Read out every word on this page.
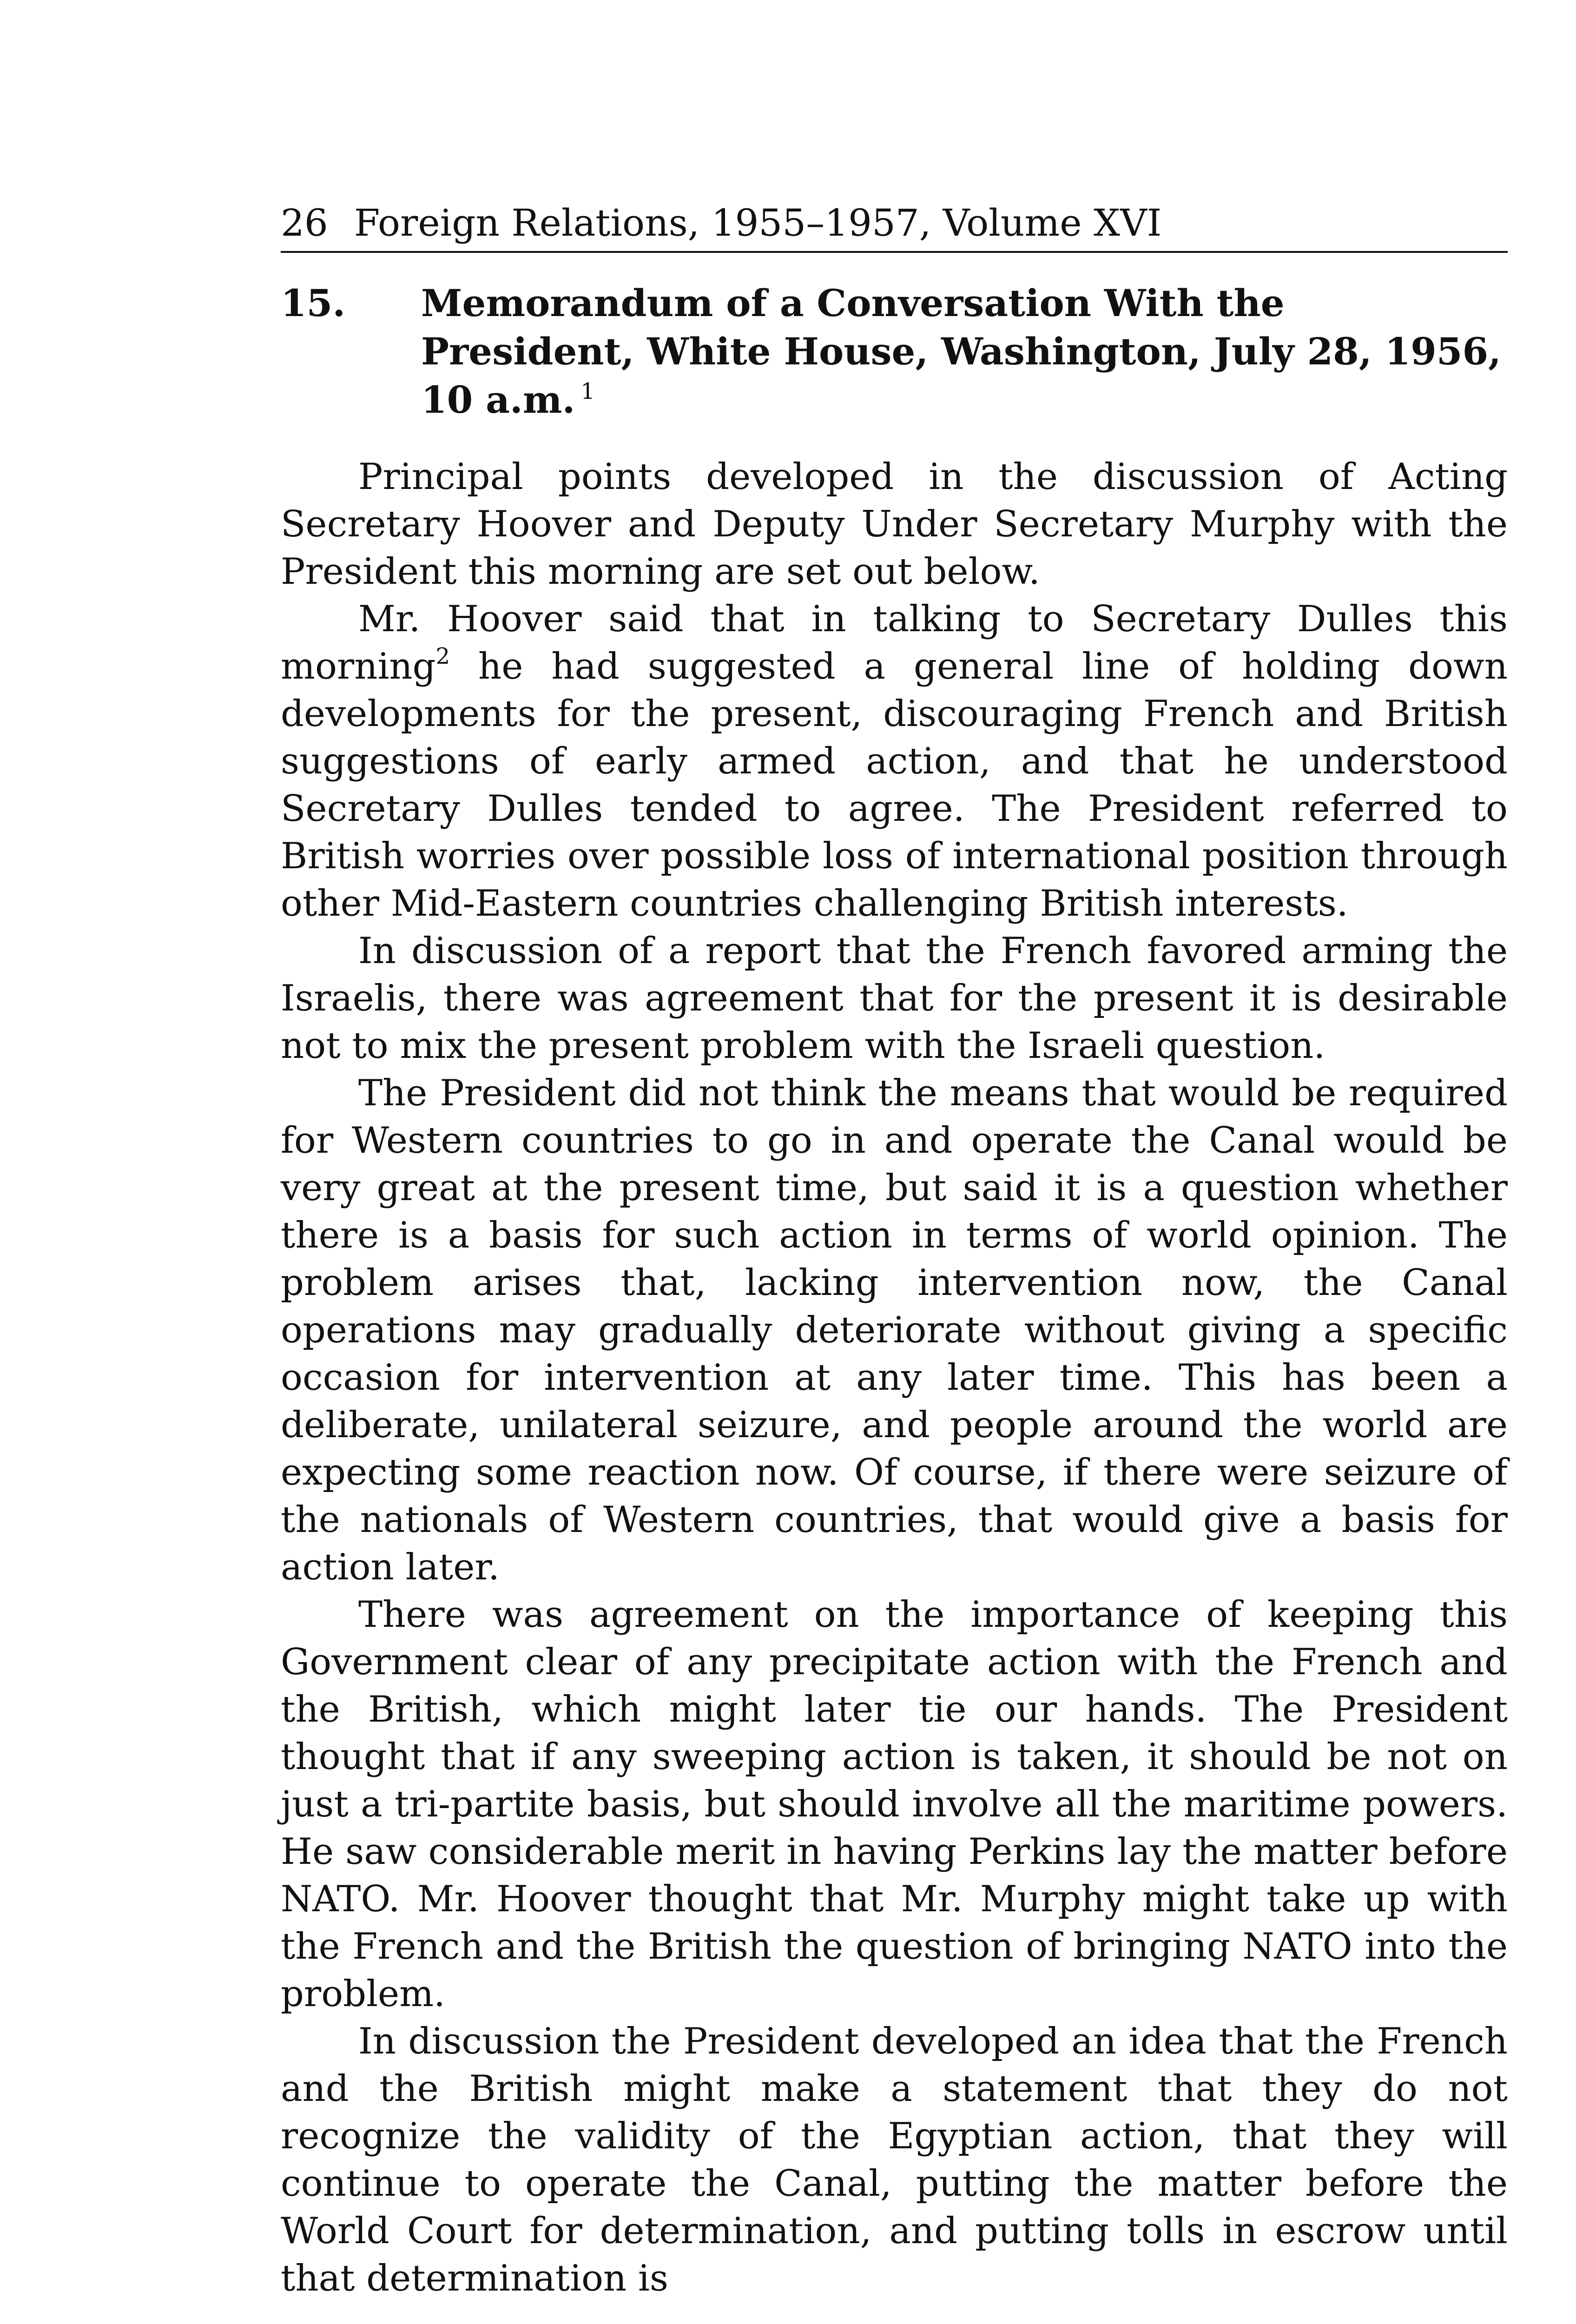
26 Foreign Relations, 1955–1957, Volume XVI
15. Memorandum of a Conversation With the President, White House, Washington, July 28, 1956, 10 a.m. $^1$

Principal points developed in the discussion of Acting Secretary Hoover and Deputy Under Secretary Murphy with the President this morning are set out below.

Mr. Hoover said that in talking to Secretary Dulles this morning$^2$ he had suggested a general line of holding down developments for the present, discouraging French and British suggestions of early armed action, and that he understood Secretary Dulles tended to agree. The President referred to British worries over possible loss of international position through other Mid-Eastern countries challenging British interests.

In discussion of a report that the French favored arming the Israelis, there was agreement that for the present it is desirable not to mix the present problem with the Israeli question.

The President did not think the means that would be required for Western countries to go in and operate the Canal would be very great at the present time, but said it is a question whether there is a basis for such action in terms of world opinion. The problem arises that, lacking intervention now, the Canal operations may gradually deteriorate without giving a specific occasion for intervention at any later time. This has been a deliberate, unilateral seizure, and people around the world are expecting some reaction now. Of course, if there were seizure of the nationals of Western countries, that would give a basis for action later.

There was agreement on the importance of keeping this Government clear of any precipitate action with the French and the British, which might later tie our hands. The President thought that if any sweeping action is taken, it should be not on just a tri-partite basis, but should involve all the maritime powers. He saw considerable merit in having Perkins lay the matter before NATO. Mr. Hoover thought that Mr. Murphy might take up with the French and the British the question of bringing NATO into the problem.

In discussion the President developed an idea that the French and the British might make a statement that they do not recognize the validity of the Egyptian action, that they will continue to operate the Canal, putting the matter before the World Court for determination, and putting tolls in escrow until that determination is
